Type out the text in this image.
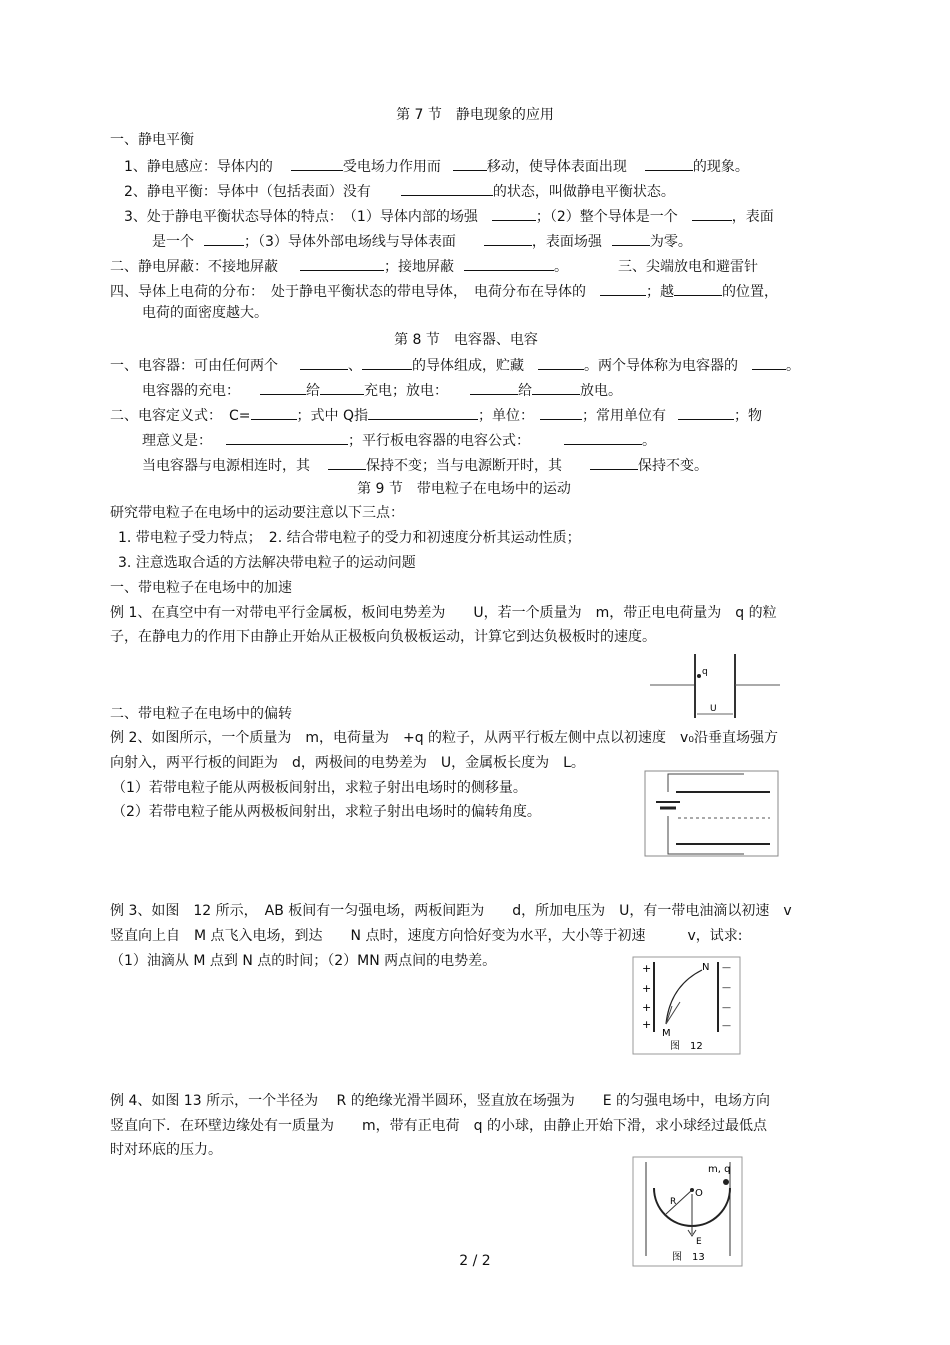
第 7 节　静电现象的应用
一、静电平衡
1、静电感应：导体内的	受电场力作用而	移动，使导体表面出现	的现象。
2、静电平衡：导体中（包括表面）没有	的状态，叫做静电平衡状态。
3、处于静电平衡状态导体的特点：　（1）导体内部的场强	；（2）整个导体是一个	，表面
是一个	；（3）导体外部电场线与导体表面	，表面场强	为零。
二、静电屏蔽：不接地屏蔽	；接地屏蔽	。	三、尖端放电和避雷针
四、导体上电荷的分布：　处于静电平衡状态的带电导体，　电荷分布在导体的	；越	的位置，
电荷的面密度越大。
第 8 节　电容器、电容
一、电容器：可由任何两个	、	的导体组成，贮藏	。两个导体称为电容器的	。
电容器的充电：	给	充电；放电：	给	放电。
二、电容定义式：　C=	；式中 Q指	；单位：	；常用单位有	；物
理意义是：	；平行板电容器的电容公式：	。
当电容器与电源相连时，其	保持不变；当与电源断开时，其	保持不变。
第 9 节　带电粒子在电场中的运动
研究带电粒子在电场中的运动要注意以下三点：
1. 带电粒子受力特点；　2. 结合带电粒子的受力和初速度分析其运动性质；
3. 注意选取合适的方法解决带电粒子的运动问题
一、带电粒子在电场中的加速
例 1、在真空中有一对带电平行金属板，板间电势差为　　U，若一个质量为　m，带正电电荷量为　q 的粒
子，在静电力的作用下由静止开始从正极板向负极板运动，计算它到达负极板时的速度。
q
U
二、带电粒子在电场中的偏转
例 2、如图所示，一个质量为　m，电荷量为　+q 的粒子，从两平行板左侧中点以初速度　v₀沿垂直场强方
向射入，两平行板的间距为　d，两极间的电势差为　U，金属板长度为　L。
（1）若带电粒子能从两极板间射出，求粒子射出电场时的侧移量。
（2）若带电粒子能从两极板间射出，求粒子射出电场时的偏转角度。
例 3、如图　12 所示，　AB 板间有一匀强电场，两板间距为　　d，所加电压为　U，有一带电油滴以初速　v
竖直向上自　M 点飞入电场，到达　　N 点时，速度方向恰好变为水平，大小等于初速　　　v，试求:
（1）油滴从 M 点到 N 点的时间；（2）MN 两点间的电势差。	+
+
+
+
—
—
—
—
N
M
图　12
例 4、如图 13 所示，一个半径为　 R 的绝缘光滑半圆环，竖直放在场强为　　E 的匀强电场中，电场方向
竖直向下．在环壁边缘处有一质量为　　m，带有正电荷　q 的小球，由静止开始下滑，求小球经过最低点
时对环底的压力。
m, q
O
R
E
图　13
2 / 2
